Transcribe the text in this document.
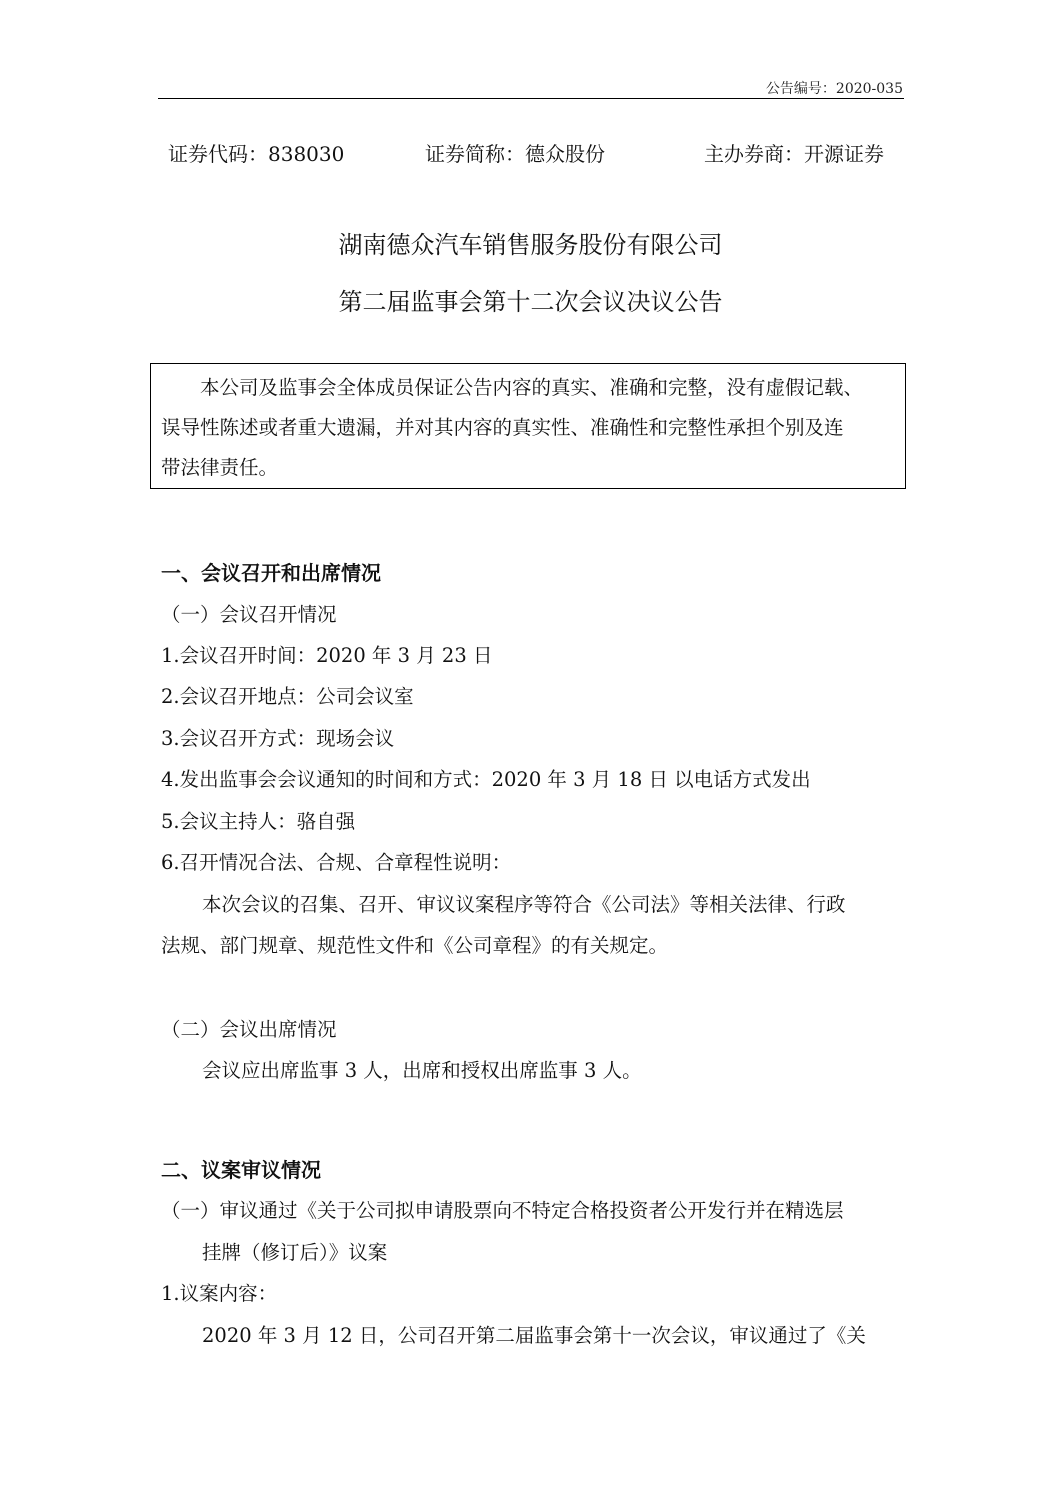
公告编号：2020-035
证券代码：838030	证券简称：德众股份	主办券商：开源证券
湖南德众汽车销售服务股份有限公司
第二届监事会第十二次会议决议公告
　　本公司及监事会全体成员保证公告内容的真实、准确和完整，没有虚假记载、
误导性陈述或者重大遗漏，并对其内容的真实性、准确性和完整性承担个别及连
带法律责任。
一、会议召开和出席情况
（一）会议召开情况
1.会议召开时间：2020 年 3 月 23 日
2.会议召开地点：公司会议室
3.会议召开方式：现场会议
4.发出监事会会议通知的时间和方式：2020 年 3 月 18 日 以电话方式发出
5.会议主持人：骆自强
6.召开情况合法、合规、合章程性说明：
本次会议的召集、召开、审议议案程序等符合《公司法》等相关法律、行政
法规、部门规章、规范性文件和《公司章程》的有关规定。
（二）会议出席情况
会议应出席监事 3 人，出席和授权出席监事 3 人。
二、议案审议情况
（一）审议通过《关于公司拟申请股票向不特定合格投资者公开发行并在精选层
挂牌（修订后）》议案
1.议案内容：
2020 年 3 月 12 日，公司召开第二届监事会第十一次会议，审议通过了《关
